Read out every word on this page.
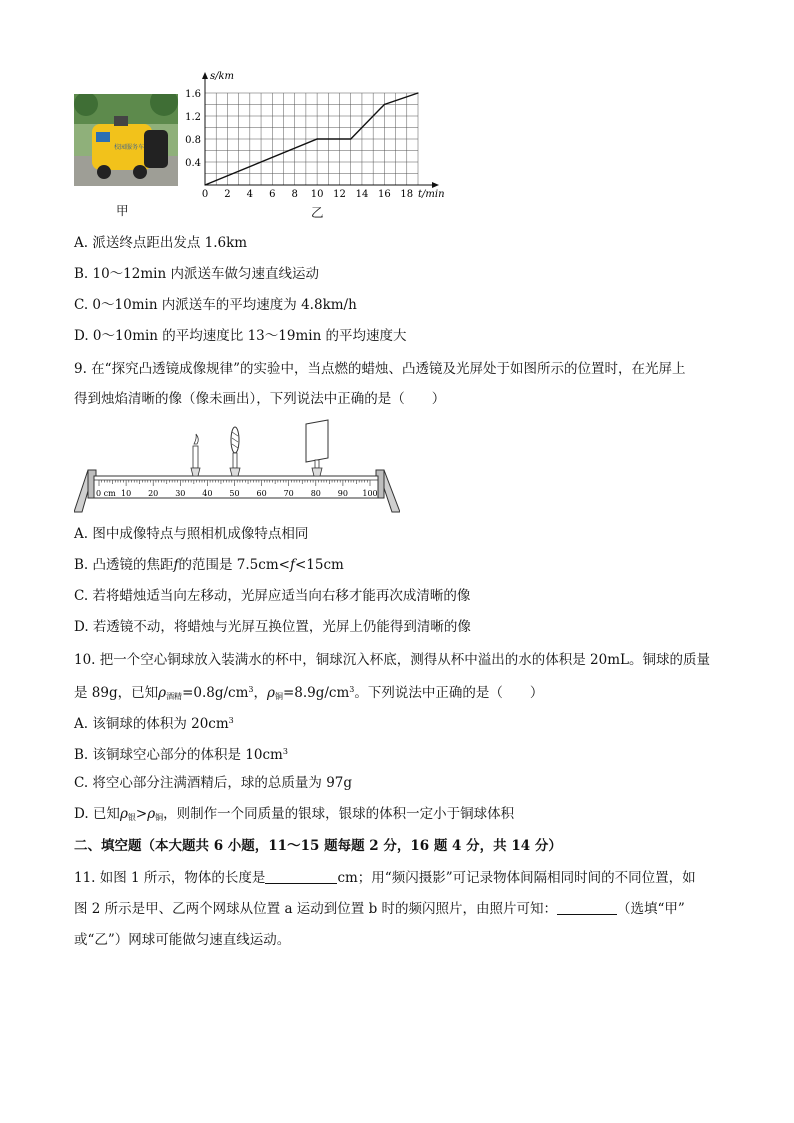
校园服务车
甲
0 2 4 6 8 10 12 14 16 18
0.4
0.8
1.2
1.6
s/km
t/min
乙
A. 派送终点距出发点 1.6km
B. 10～12min 内派送车做匀速直线运动
C. 0～10min 内派送车的平均速度为 4.8km/h
D. 0～10min 的平均速度比 13～19min 的平均速度大
9. 在“探究凸透镜成像规律”的实验中，当点燃的蜡烛、凸透镜及光屏处于如图所示的位置时，在光屏上
得到烛焰清晰的像（像未画出），下列说法中正确的是（　　）
0 cm 10 20 30 40 50 60 70 80 90 100
A. 图中成像特点与照相机成像特点相同
B. 凸透镜的焦距f的范围是 7.5cm<f<15cm
C. 若将蜡烛适当向左移动，光屏应适当向右移才能再次成清晰的像
D. 若透镜不动，将蜡烛与光屏互换位置，光屏上仍能得到清晰的像
10. 把一个空心铜球放入装满水的杯中，铜球沉入杯底，测得从杯中溢出的水的体积是 20mL。铜球的质量
是 89g，已知$\rho_{酒精}=0.8g/cm^3$，$\rho_铜=8.9g/cm^3$。下列说法中正确的是（　　）
A. 该铜球的体积为 $20cm^3$
B. 该铜球空心部分的体积是 $10cm^3$
C. 将空心部分注满酒精后，球的总质量为 97g
D. 已知$\rho_银>\rho_铜$，则制作一个同质量的银球，银球的体积一定小于铜球体积
二、填空题（本大题共 6 小题，11～15 题每题 2 分，16 题 4 分，共 14 分）
11. 如图 1 所示，物体的长度是	cm；用“频闪摄影”可记录物体间隔相同时间的不同位置，如
图 2 所示是甲、乙两个网球从位置 a 运动到位置 b 时的频闪照片，由照片可知：	（选填“甲”
或“乙”）网球可能做匀速直线运动。
